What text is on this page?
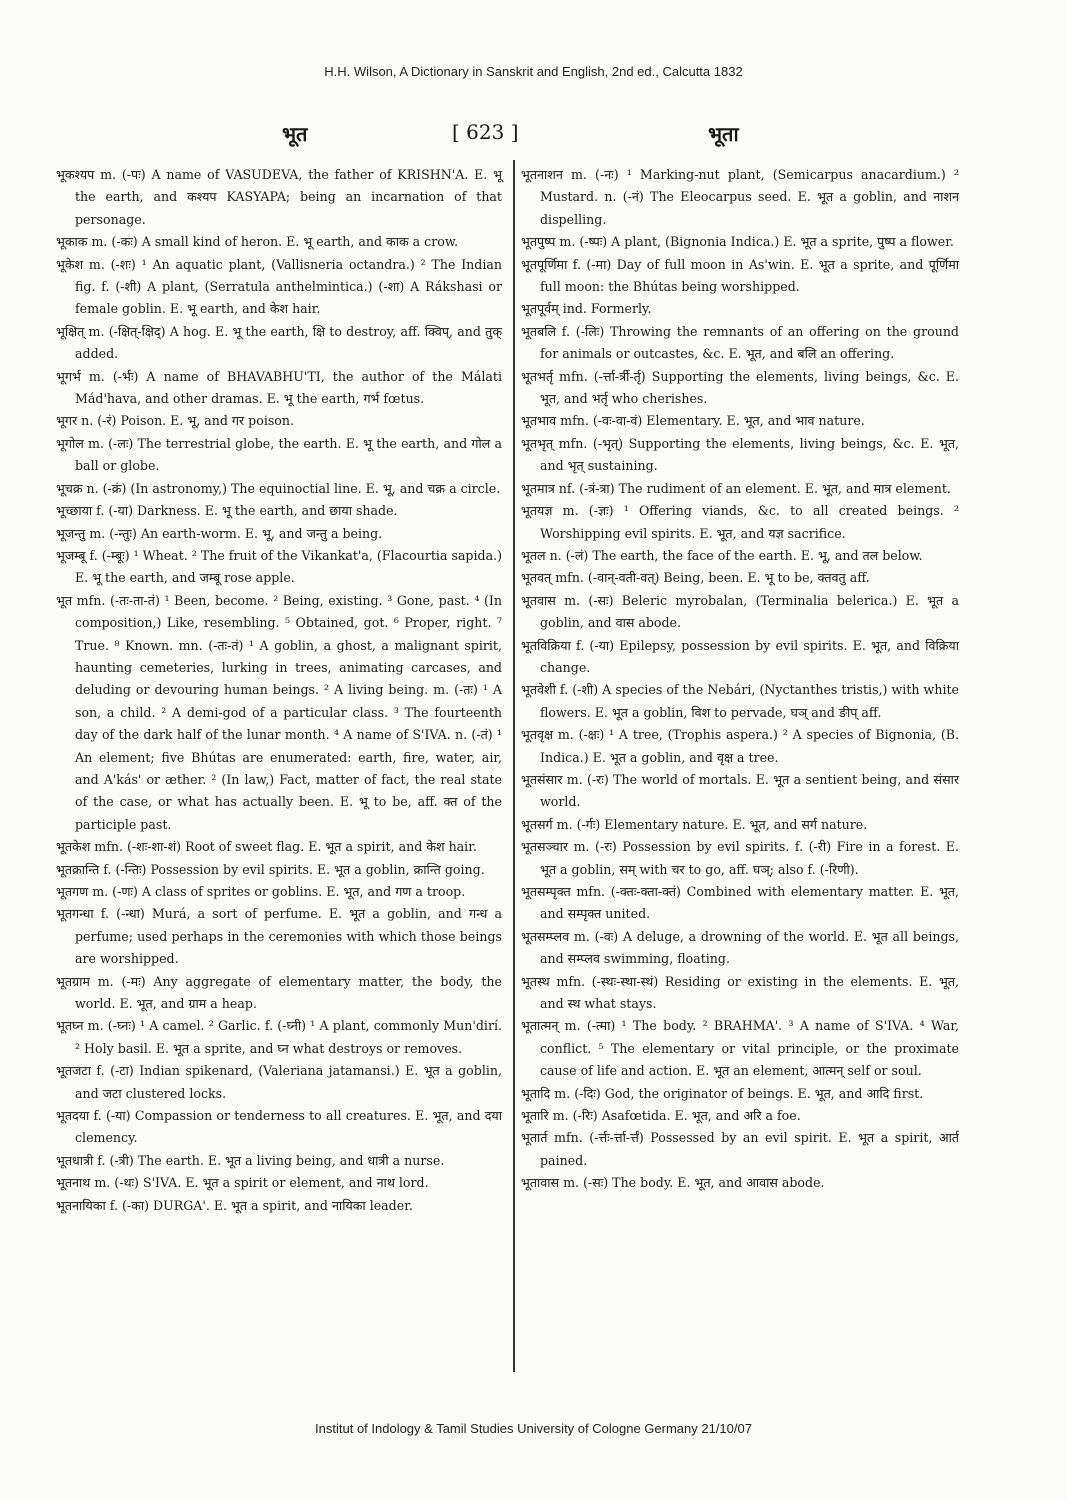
H.H. Wilson, A Dictionary in Sanskrit and English, 2nd ed., Calcutta 1832
भूत	[ 623 ]	भूता

भूकश्यप m. (-पः) A name of VASUDEVA, the father of KRISHN'A. E. भू the earth, and कश्यप KASYAPA; being an incarnation of that personage.

भूकाक m. (-कः) A small kind of heron. E. भू earth, and काक a crow.

भूकेश m. (-शः) ¹ An aquatic plant, (Vallisneria octandra.) ² The Indian fig. f. (-शी) A plant, (Serratula anthelmintica.) (-शा) A Rákshasi or female goblin. E. भू earth, and केश hair.

भूक्षित् m. (-क्षित्-क्षिद्) A hog. E. भू the earth, क्षि to destroy, aff. क्विप्, and तुक् added.

भूगर्भ m. (-र्भः) A name of BHAVABHU'TI, the author of the Málati Mád'hava, and other dramas. E. भू the earth, गर्भ fœtus.

भूगर n. (-रं) Poison. E. भू, and गर poison.

भूगोल m. (-लः) The terrestrial globe, the earth. E. भू the earth, and गोल a ball or globe.

भूचक्र n. (-क्रं) (In astronomy,) The equinoctial line. E. भू, and चक्र a circle.

भूच्छाया f. (-या) Darkness. E. भू the earth, and छाया shade.

भूजन्तु m. (-न्तुः) An earth-worm. E. भू, and जन्तु a being.

भूजम्बू f. (-म्बूः) ¹ Wheat. ² The fruit of the Vikankat'a, (Flacourtia sapida.) E. भू the earth, and जम्बू rose apple.

भूत mfn. (-तः-ता-तं) ¹ Been, become. ² Being, existing. ³ Gone, past. ⁴ (In composition,) Like, resembling. ⁵ Obtained, got. ⁶ Proper, right. ⁷ True. ⁸ Known. mn. (-तः-तं) ¹ A goblin, a ghost, a malignant spirit, haunting cemeteries, lurking in trees, animating carcases, and deluding or devouring human beings. ² A living being. m. (-तः) ¹ A son, a child. ² A demi-god of a particular class. ³ The fourteenth day of the dark half of the lunar month. ⁴ A name of S'IVA. n. (-तं) ¹ An element; five Bhútas are enumerated: earth, fire, water, air, and A'kás' or æther. ² (In law,) Fact, matter of fact, the real state of the case, or what has actually been. E. भू to be, aff. क्त of the participle past.

भूतकेश mfn. (-शः-शा-शं) Root of sweet flag. E. भूत a spirit, and केश hair.

भूतक्रान्ति f. (-न्तिः) Possession by evil spirits. E. भूत a goblin, क्रान्ति going.

भूतगण m. (-णः) A class of sprites or goblins. E. भूत, and गण a troop.

भूतगन्धा f. (-न्धा) Murá, a sort of perfume. E. भूत a goblin, and गन्ध a perfume; used perhaps in the ceremonies with which those beings are worshipped.

भूतग्राम m. (-मः) Any aggregate of elementary matter, the body, the world. E. भूत, and ग्राम a heap.

भूतघ्न m. (-घ्नः) ¹ A camel. ² Garlic. f. (-घ्नी) ¹ A plant, commonly Mun'dirí. ² Holy basil. E. भूत a sprite, and घ्न what destroys or removes.

भूतजटा f. (-टा) Indian spikenard, (Valeriana jatamansi.) E. भूत a goblin, and जटा clustered locks.

भूतदया f. (-या) Compassion or tenderness to all creatures. E. भूत, and दया clemency.

भूतधात्री f. (-त्री) The earth. E. भूत a living being, and धात्री a nurse.

भूतनाथ m. (-थः) S'IVA. E. भूत a spirit or element, and नाथ lord.

भूतनायिका f. (-का) DURGA'. E. भूत a spirit, and नायिका leader.

भूतनाशन m. (-नः) ¹ Marking-nut plant, (Semicarpus anacardium.) ² Mustard. n. (-नं) The Eleocarpus seed. E. भूत a goblin, and नाशन dispelling.

भूतपुष्प m. (-ष्पः) A plant, (Bignonia Indica.) E. भूत a sprite, पुष्प a flower.

भूतपूर्णिमा f. (-मा) Day of full moon in As'win. E. भूत a sprite, and पूर्णिमा full moon: the Bhútas being worshipped.

भूतपूर्वम् ind. Formerly.

भूतबलि f. (-लिः) Throwing the remnants of an offering on the ground for animals or outcastes, &c. E. भूत, and बलि an offering.

भूतभर्तृ mfn. (-र्त्ता-र्त्री-र्तृ) Supporting the elements, living beings, &c. E. भूत, and भर्तृ who cherishes.

भूतभाव mfn. (-वः-वा-वं) Elementary. E. भूत, and भाव nature.

भूतभृत् mfn. (-भृत्) Supporting the elements, living beings, &c. E. भूत, and भृत् sustaining.

भूतमात्र nf. (-त्रं-त्रा) The rudiment of an element. E. भूत, and मात्र element.

भूतयज्ञ m. (-ज्ञः) ¹ Offering viands, &c. to all created beings. ² Worshipping evil spirits. E. भूत, and यज्ञ sacrifice.

भूतल n. (-लं) The earth, the face of the earth. E. भू, and तल below.

भूतवत् mfn. (-वान्-वती-वत्) Being, been. E. भू to be, क्तवतु aff.

भूतवास m. (-सः) Beleric myrobalan, (Terminalia belerica.) E. भूत a goblin, and वास abode.

भूतविक्रिया f. (-या) Epilepsy, possession by evil spirits. E. भूत, and विक्रिया change.

भूतवेशी f. (-शी) A species of the Nebári, (Nyctanthes tristis,) with white flowers. E. भूत a goblin, विश to pervade, घञ् and ङीप् aff.

भूतवृक्ष m. (-क्षः) ¹ A tree, (Trophis aspera.) ² A species of Bignonia, (B. Indica.) E. भूत a goblin, and वृक्ष a tree.

भूतसंसार m. (-रः) The world of mortals. E. भूत a sentient being, and संसार world.

भूतसर्ग m. (-र्गः) Elementary nature. E. भूत, and सर्ग nature.

भूतसञ्चार m. (-रः) Possession by evil spirits. f. (-री) Fire in a forest. E. भूत a goblin, सम् with चर to go, aff. घञ्; also f. (-रिणी).

भूतसम्पृक्त mfn. (-क्तः-क्ता-क्तं) Combined with elementary matter. E. भूत, and सम्पृक्त united.

भूतसम्प्लव m. (-वः) A deluge, a drowning of the world. E. भूत all beings, and सम्प्लव swimming, floating.

भूतस्थ mfn. (-स्थः-स्था-स्थं) Residing or existing in the elements. E. भूत, and स्थ what stays.

भूतात्मन् m. (-त्मा) ¹ The body. ² BRAHMA'. ³ A name of S'IVA. ⁴ War, conflict. ⁵ The elementary or vital principle, or the proximate cause of life and action. E. भूत an element, आत्मन् self or soul.

भूतादि m. (-दिः) God, the originator of beings. E. भूत, and आदि first.

भूतारि m. (-रिः) Asafœtida. E. भूत, and अरि a foe.

भूतार्त mfn. (-र्त्तः-र्त्ता-र्त्तं) Possessed by an evil spirit. E. भूत a spirit, आर्त pained.

भूतावास m. (-सः) The body. E. भूत, and आवास abode.

Institut of Indology & Tamil Studies University of Cologne Germany 21/10/07
